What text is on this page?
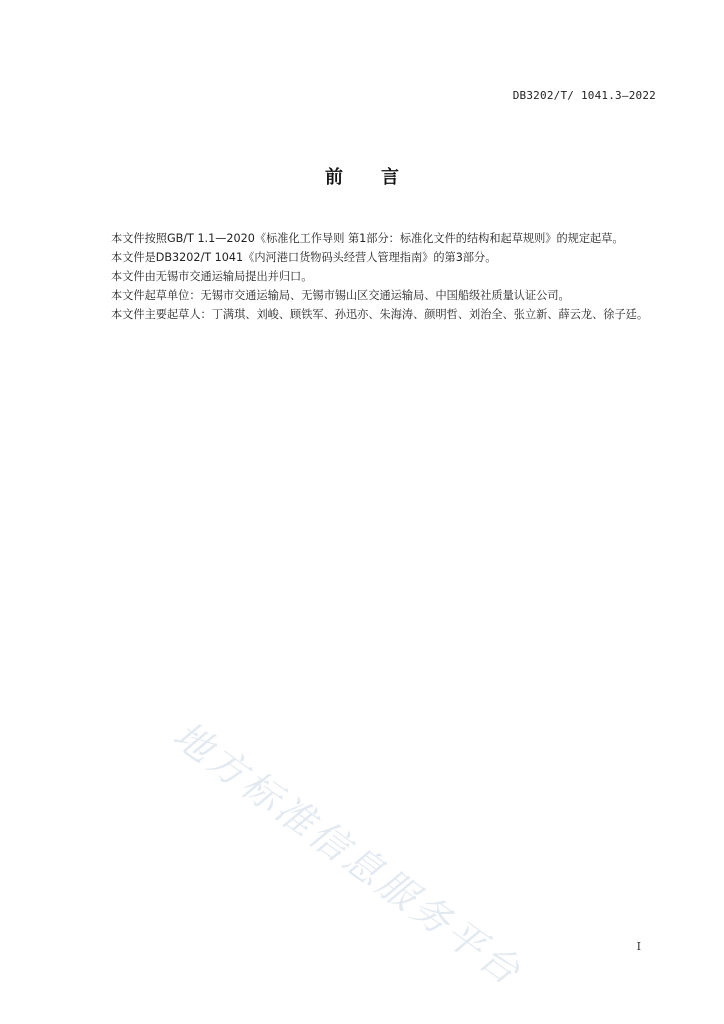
DB3202/T/ 1041.3—2022
前言

本文件按照GB/T 1.1—2020《标准化工作导则 第1部分：标准化文件的结构和起草规则》的规定起草。

本文件是DB3202/T 1041《内河港口货物码头经营人管理指南》的第3部分。

本文件由无锡市交通运输局提出并归口。

本文件起草单位：无锡市交通运输局、无锡市锡山区交通运输局、中国船级社质量认证公司。

本文件主要起草人：丁满琪、刘峻、顾铁军、孙迅亦、朱海涛、颜明哲、刘治全、张立新、薛云龙、徐子廷。

地方标准信息服务平台	I
